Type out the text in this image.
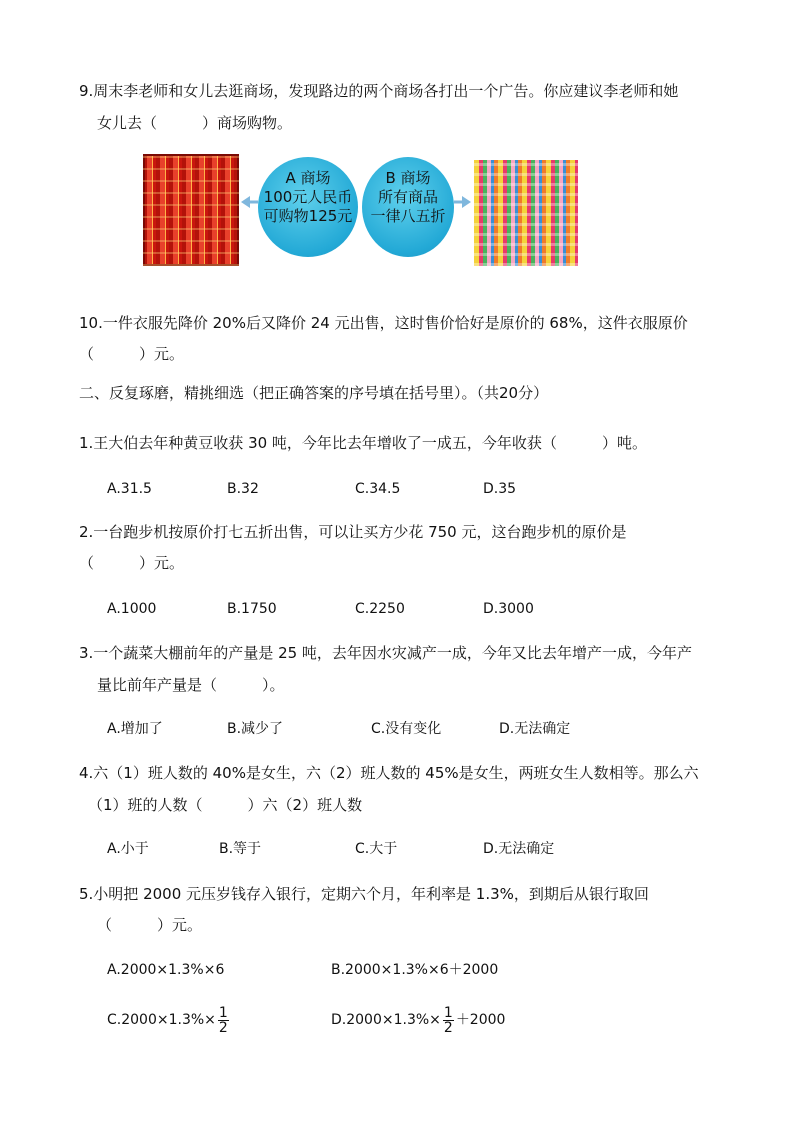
9.周末李老师和女儿去逛商场，发现路边的两个商场各打出一个广告。你应建议李老师和她
女儿去（　　　）商场购物。
A 商场
100元人民币
可购物125元
B 商场
所有商品
一律八五折
10.一件衣服先降价 20%后又降价 24 元出售，这时售价恰好是原价的 68%，这件衣服原价
（　　　）元。
二、反复琢磨，精挑细选（把正确答案的序号填在括号里）。（共20分）
1.王大伯去年种黄豆收获 30 吨，今年比去年增收了一成五，今年收获（　　　）吨。
A.31.5	B.32	C.34.5	D.35
2.一台跑步机按原价打七五折出售，可以让买方少花 750 元，这台跑步机的原价是
（　　　）元。
A.1000	B.1750	C.2250	D.3000
3.一个蔬菜大棚前年的产量是 25 吨，去年因水灾减产一成，今年又比去年增产一成，今年产
量比前年产量是（　　　）。
A.增加了	B.减少了	C.没有变化	D.无法确定
4.六（1）班人数的 40%是女生，六（2）班人数的 45%是女生，两班女生人数相等。那么六
（1）班的人数（　　　）六（2）班人数
A.小于	B.等于	C.大于	D.无法确定
5.小明把 2000 元压岁钱存入银行，定期六个月，年利率是 1.3%，到期后从银行取回
（　　　）元。
A.2000×1.3%×6	B.2000×1.3%×6＋2000
$C.2000\times 1.3\%\times \frac{1}{2}$	$D.2000\times 1.3\%\times \frac{1}{2} +2000$
